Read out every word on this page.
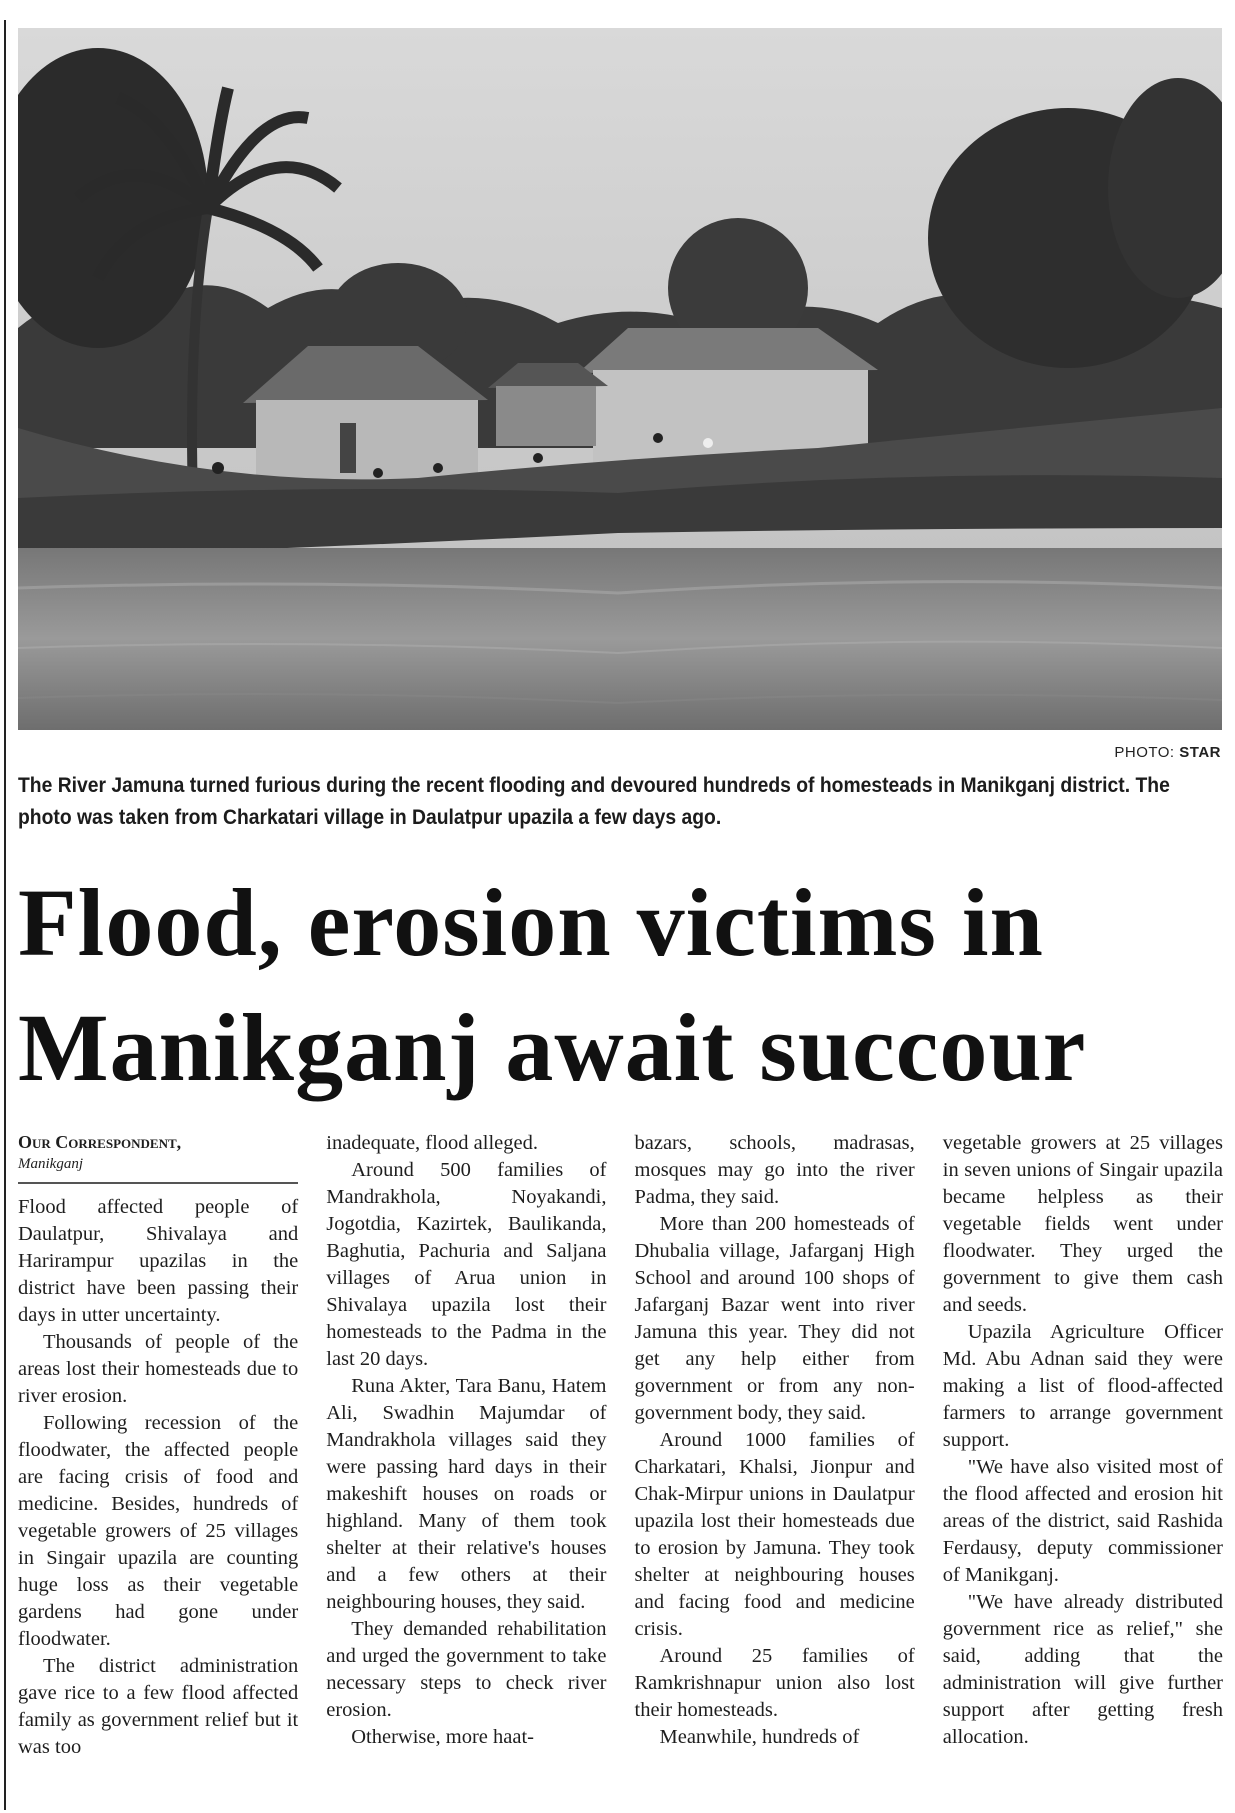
PHOTO: STAR
The River Jamuna turned furious during the recent flooding and devoured hundreds of homesteads in Manikganj district. The photo was taken from Charkatari village in Daulatpur upazila a few days ago.
Flood, erosion victims in
Manikganj await succour
Our Correspondent,
Manikganj

Flood affected people of Daulatpur, Shivalaya and Harirampur upazilas in the district have been passing their days in utter uncertainty.

Thousands of people of the areas lost their homesteads due to river erosion.

Following recession of the floodwater, the affected people are facing crisis of food and medicine. Besides, hundreds of vegetable growers of 25 villages in Singair upazila are counting huge loss as their vegetable gardens had gone under floodwater.

The district administration gave rice to a few flood affected family as government relief but it was too

inadequate, flood alleged.

Around 500 families of Mandrakhola, Noyakandi, Jogotdia, Kazirtek, Baulikanda, Baghutia, Pachuria and Saljana villages of Arua union in Shivalaya upazila lost their homesteads to the Padma in the last 20 days.

Runa Akter, Tara Banu, Hatem Ali, Swadhin Majumdar of Mandrakhola villages said they were passing hard days in their makeshift houses on roads or highland. Many of them took shelter at their relative's houses and a few others at their neighbouring houses, they said.

They demanded rehabilitation and urged the government to take necessary steps to check river erosion.

Otherwise, more haat-

bazars, schools, madrasas, mosques may go into the river Padma, they said.

More than 200 homesteads of Dhubalia village, Jafarganj High School and around 100 shops of Jafarganj Bazar went into river Jamuna this year. They did not get any help either from government or from any non-government body, they said.

Around 1000 families of Charkatari, Khalsi, Jionpur and Chak-Mirpur unions in Daulatpur upazila lost their homesteads due to erosion by Jamuna. They took shelter at neighbouring houses and facing food and medicine crisis.

Around 25 families of Ramkrishnapur union also lost their homesteads.

Meanwhile, hundreds of

vegetable growers at 25 villages in seven unions of Singair upazila became helpless as their vegetable fields went under floodwater. They urged the government to give them cash and seeds.

Upazila Agriculture Officer Md. Abu Adnan said they were making a list of flood-affected farmers to arrange government support.

"We have also visited most of the flood affected and erosion hit areas of the district, said Rashida Ferdausy, deputy commissioner of Manikganj.

"We have already distributed government rice as relief," she said, adding that the administration will give further support after getting fresh allocation.
